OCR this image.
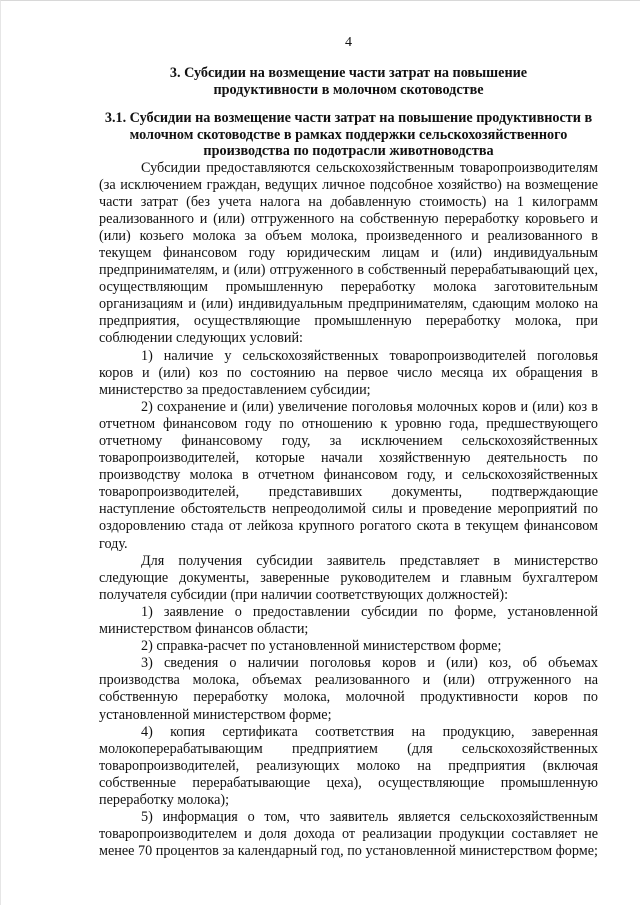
4
3. Субсидии на возмещение части затрат на повышение продуктивности в молочном скотоводстве
3.1. Субсидии на возмещение части затрат на повышение продуктивности в молочном скотоводстве в рамках поддержки сельскохозяйственного производства по подотрасли животноводства

Субсидии предоставляются сельскохозяйственным товаропроизводителям (за исключением граждан, ведущих личное подсобное хозяйство) на возмещение части затрат (без учета налога на добавленную стоимость) на 1 килограмм реализованного и (или) отгруженного на собственную переработку коровьего и (или) козьего молока за объем молока, произведенного и реализованного в текущем финансовом году юридическим лицам и (или) индивидуальным предпринимателям, и (или) отгруженного в собственный перерабатывающий цех, осуществляющим промышленную переработку молока заготовительным организациям и (или) индивидуальным предпринимателям, сдающим молоко на предприятия, осуществляющие промышленную переработку молока, при соблюдении следующих условий:

1) наличие у сельскохозяйственных товаропроизводителей поголовья коров и (или) коз по состоянию на первое число месяца их обращения в министерство за предоставлением субсидии;

2) сохранение и (или) увеличение поголовья молочных коров и (или) коз в отчетном финансовом году по отношению к уровню года, предшествующего отчетному финансовому году, за исключением сельскохозяйственных товаропроизводителей, которые начали хозяйственную деятельность по производству молока в отчетном финансовом году, и сельскохозяйственных товаропроизводителей, представивших документы, подтверждающие наступление обстоятельств непреодолимой силы и проведение мероприятий по оздоровлению стада от лейкоза крупного рогатого скота в текущем финансовом году.

Для получения субсидии заявитель представляет в министерство следующие документы, заверенные руководителем и главным бухгалтером получателя субсидии (при наличии соответствующих должностей):

1) заявление о предоставлении субсидии по форме, установленной министерством финансов области;

2) справка-расчет по установленной министерством форме;

3) сведения о наличии поголовья коров и (или) коз, об объемах производства молока, объемах реализованного и (или) отгруженного на собственную переработку молока, молочной продуктивности коров по установленной министерством форме;

4) копия сертификата соответствия на продукцию, заверенная молокоперерабатывающим предприятием (для сельскохозяйственных товаропроизводителей, реализующих молоко на предприятия (включая собственные перерабатывающие цеха), осуществляющие промышленную переработку молока);

5) информация о том, что заявитель является сельскохозяйственным товаропроизводителем и доля дохода от реализации продукции составляет не менее 70 процентов за календарный год, по установленной министерством форме;
